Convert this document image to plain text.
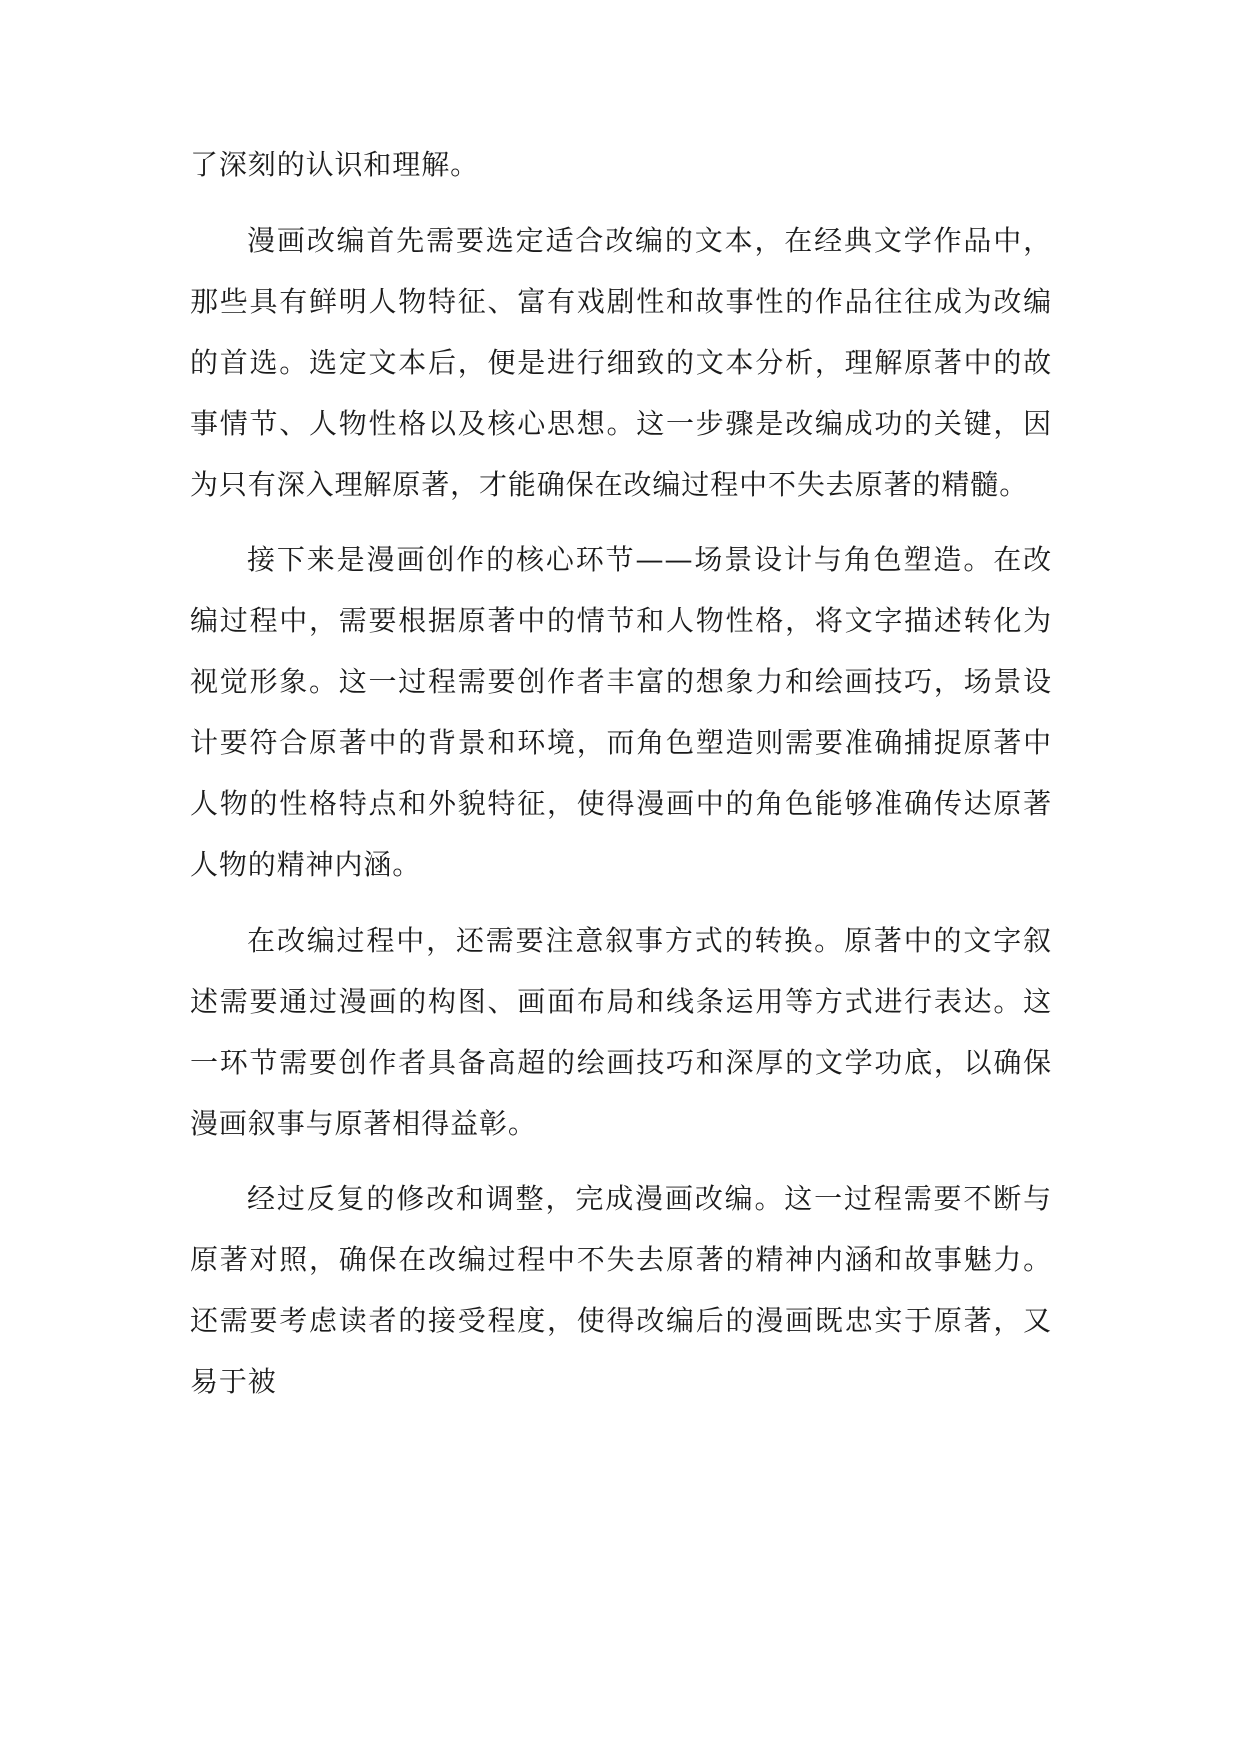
了深刻的认识和理解。

漫画改编首先需要选定适合改编的文本，在经典文学作品中，那些具有鲜明人物特征、富有戏剧性和故事性的作品往往成为改编的首选。选定文本后，便是进行细致的文本分析，理解原著中的故事情节、人物性格以及核心思想。这一步骤是改编成功的关键，因为只有深入理解原著，才能确保在改编过程中不失去原著的精髓。

接下来是漫画创作的核心环节——场景设计与角色塑造。在改编过程中，需要根据原著中的情节和人物性格，将文字描述转化为视觉形象。这一过程需要创作者丰富的想象力和绘画技巧，场景设计要符合原著中的背景和环境，而角色塑造则需要准确捕捉原著中人物的性格特点和外貌特征，使得漫画中的角色能够准确传达原著人物的精神内涵。

在改编过程中，还需要注意叙事方式的转换。原著中的文字叙述需要通过漫画的构图、画面布局和线条运用等方式进行表达。这一环节需要创作者具备高超的绘画技巧和深厚的文学功底，以确保漫画叙事与原著相得益彰。

经过反复的修改和调整，完成漫画改编。这一过程需要不断与原著对照，确保在改编过程中不失去原著的精神内涵和故事魅力。还需要考虑读者的接受程度，使得改编后的漫画既忠实于原著，又易于被
